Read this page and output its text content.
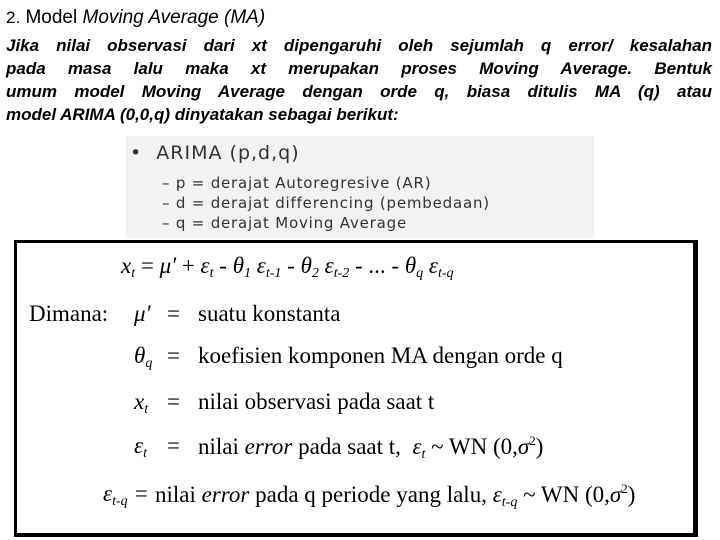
2. Model Moving Average (MA)
Jika nilai observasi dari xt dipengaruhi oleh sejumlah q error/ kesalahan
pada masa lalu maka xt merupakan proses Moving Average. Bentuk
umum model Moving Average dengan orde q, biasa ditulis MA (q) atau
model ARIMA (0,0,q) dinyatakan sebagai berikut:
•  ARIMA (p,d,q)
– p = derajat Autoregresive (AR)
– d = derajat differencing (pembedaan)
– q = derajat Moving Average
$x_t = \mu' + \varepsilon_t - \theta_1$ $\varepsilon_{t-1} - \theta_2$ $\varepsilon_{t-2}$ - ... - $\theta_q$ $\varepsilon_{t-q}$
Dimana: μ' = suatu konstanta
$\theta_q$ = koefisien komponen MA dengan orde q
$x_t$ = nilai observasi pada saat t
$\varepsilon_t$ = nilai error pada saat t, $\varepsilon_t$ ~ WN $(0,\sigma^2)$
$\varepsilon_{t-q}$ = nilai error pada q periode yang lalu, $\varepsilon_{t-q}$ ~ WN $(0,\sigma^2)$
